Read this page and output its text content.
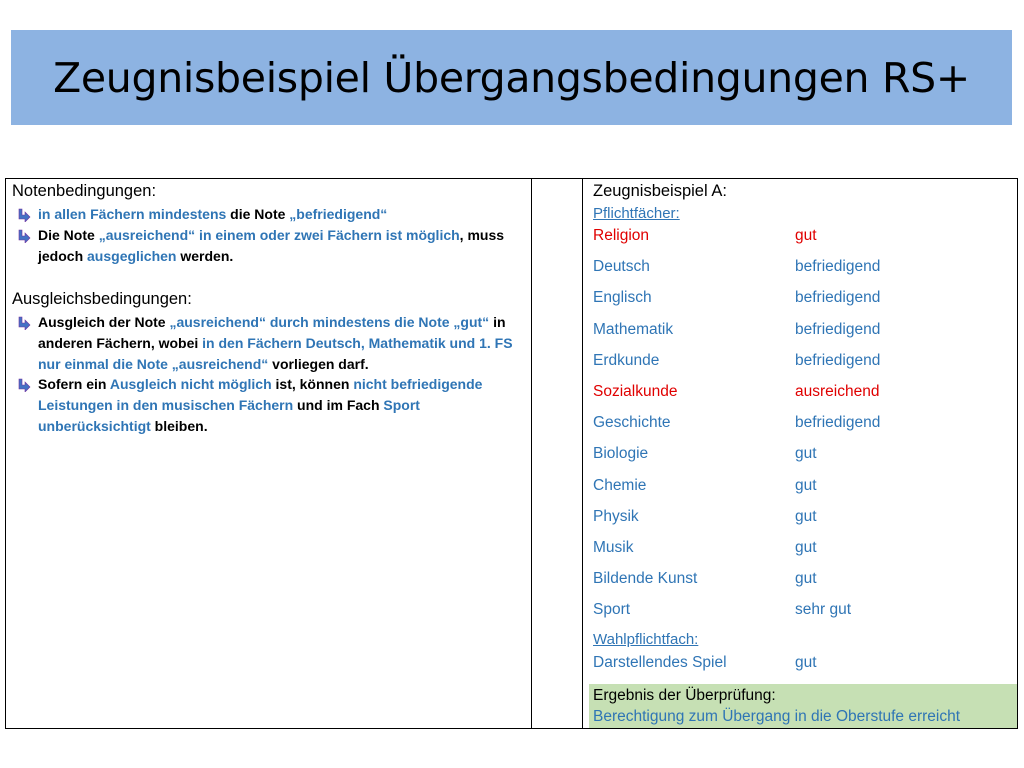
Zeugnisbeispiel Übergangsbedingungen RS+
Notenbedingungen:
in allen Fächern mindestens die Note „befriedigend“
Die Note „ausreichend“ in einem oder zwei Fächern ist möglich, muss jedoch ausgeglichen werden.
Ausgleichsbedingungen:
Ausgleich der Note „ausreichend“ durch mindestens die Note „gut“ in anderen Fächern, wobei in den Fächern Deutsch, Mathematik und 1. FS nur einmal die Note „ausreichend“ vorliegen darf.
Sofern ein Ausgleich nicht möglich ist, können nicht befriedigende Leistungen in den musischen Fächern und im Fach Sport unberücksichtigt bleiben.
Zeugnisbeispiel A:
Pflichtfächer:
Religion	gut
Deutsch	befriedigend
Englisch	befriedigend
Mathematik	befriedigend
Erdkunde	befriedigend
Sozialkunde	ausreichend
Geschichte	befriedigend
Biologie	gut
Chemie	gut
Physik	gut
Musik	gut
Bildende Kunst	gut
Sport	sehr gut
Wahlpflichtfach:
Darstellendes Spiel	gut
Ergebnis der Überprüfung:
Berechtigung zum Übergang in die Oberstufe erreicht
